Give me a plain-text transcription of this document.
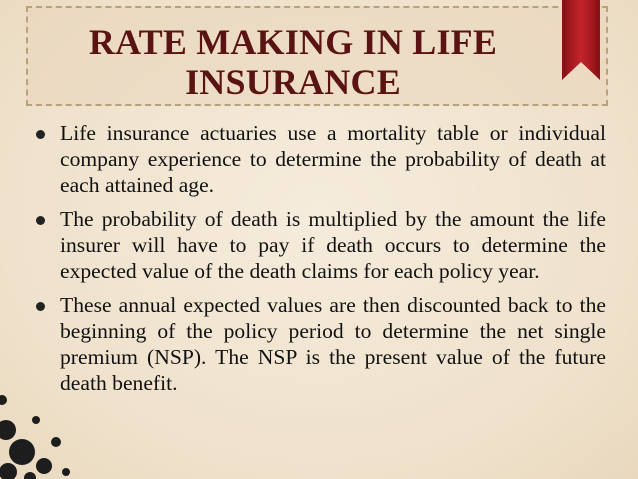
RATE MAKING IN LIFE INSURANCE
Life insurance actuaries use a mortality table or individual company experience to determine the probability of death at each attained age.
The probability of death is multiplied by the amount the life insurer will have to pay if death occurs to determine the expected value of the death claims for each policy year.
These annual expected values are then discounted back to the beginning of the policy period to determine the net single premium (NSP). The NSP is the present value of the future death benefit.
